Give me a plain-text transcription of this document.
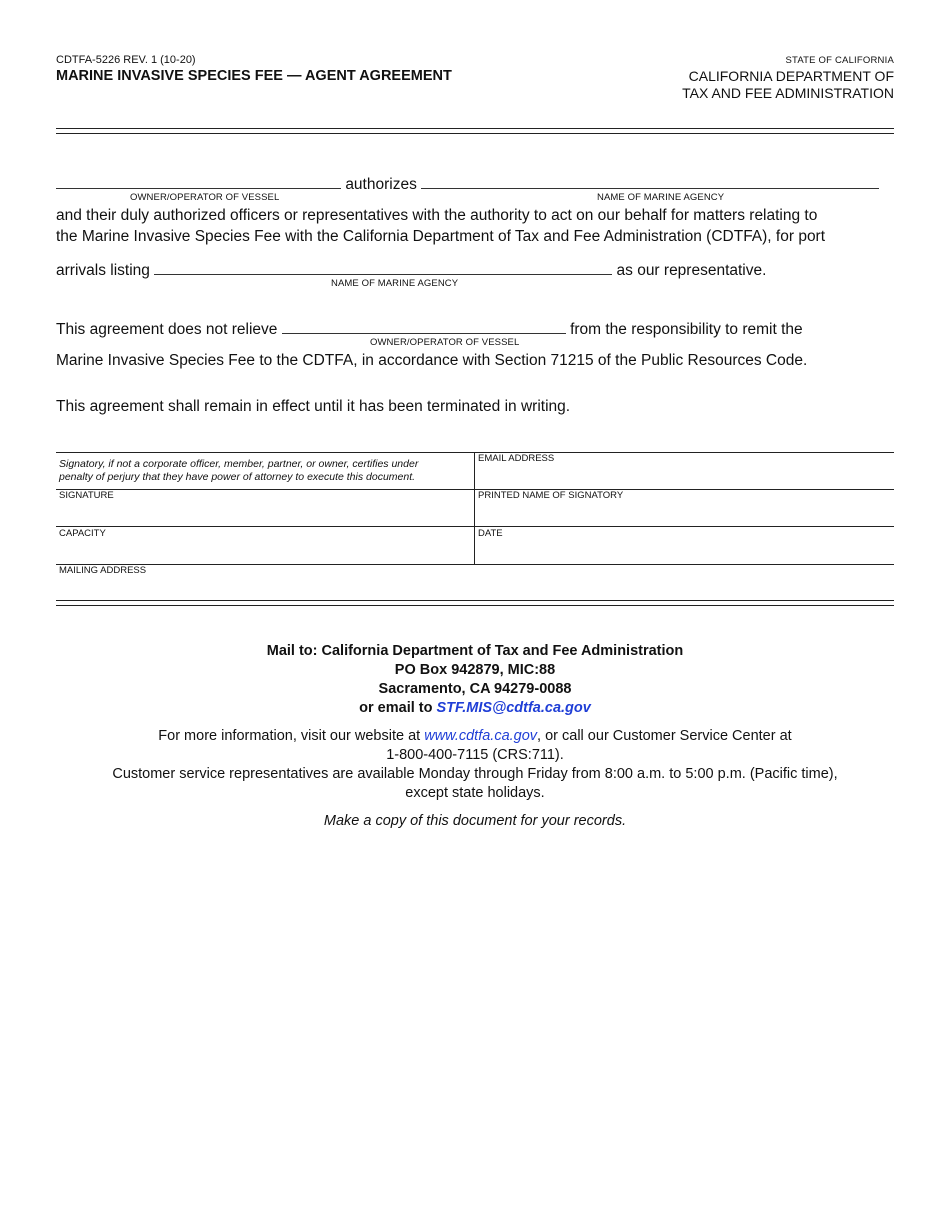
CDTFA-5226 REV. 1 (10-20)
MARINE INVASIVE SPECIES FEE — AGENT AGREEMENT
STATE OF CALIFORNIA
CALIFORNIA DEPARTMENT OF
TAX AND FEE ADMINISTRATION
authorizes
OWNER/OPERATOR OF VESSEL	NAME OF MARINE AGENCY
and their duly authorized officers or representatives with the authority to act on our behalf for matters relating to
the Marine Invasive Species Fee with the California Department of Tax and Fee Administration (CDTFA), for port
arrivals listing	as our representative.
NAME OF MARINE AGENCY
This agreement does not relieve	from the responsibility to remit the
OWNER/OPERATOR OF VESSEL
Marine Invasive Species Fee to the CDTFA, in accordance with Section 71215 of the Public Resources Code.
This agreement shall remain in effect until it has been terminated in writing.
Signatory, if not a corporate officer, member, partner, or owner, certifies under
penalty of perjury that they have power of attorney to execute this document.
EMAIL ADDRESS
SIGNATURE	PRINTED NAME OF SIGNATORY
CAPACITY	DATE
MAILING ADDRESS
Mail to: California Department of Tax and Fee Administration
PO Box 942879, MIC:88
Sacramento, CA 94279-0088
or email to STF.MIS@cdtfa.ca.gov
For more information, visit our website at www.cdtfa.ca.gov, or call our Customer Service Center at
1-800-400-7115 (CRS:711).
Customer service representatives are available Monday through Friday from 8:00 a.m. to 5:00 p.m. (Pacific time),
except state holidays.
Make a copy of this document for your records.
